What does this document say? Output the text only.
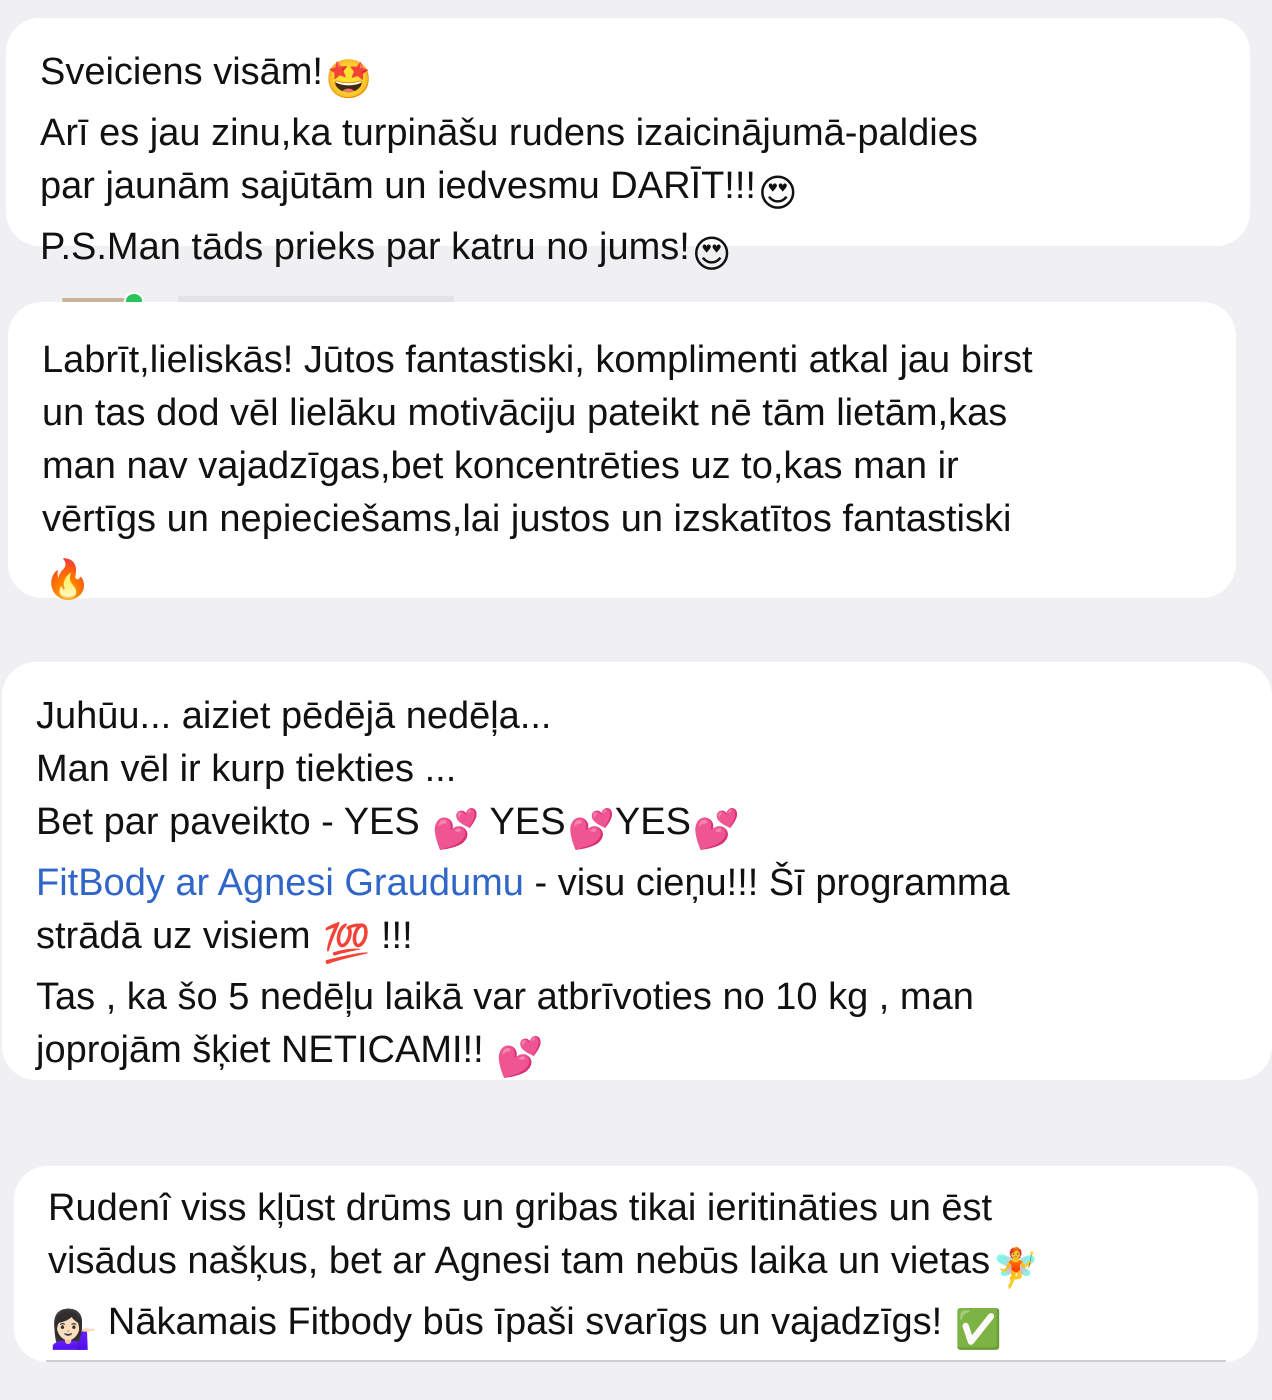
Sveiciens visām!🤩
Arī es jau zinu,ka turpināšu rudens izaicinājumā-paldies
par jaunām sajūtām un iedvesmu DARĪT!!!😍
P.S.Man tāds prieks par katru no jums!😍
Labrīt,lieliskās! Jūtos fantastiski, komplimenti atkal jau birst
un tas dod vēl lielāku motivāciju pateikt nē tām lietām,kas
man nav vajadzīgas,bet koncentrēties uz to,kas man ir
vērtīgs un nepieciešams,lai justos un izskatītos fantastiski
🔥
Juhūu... aiziet pēdējā nedēļa...
Man vēl ir kurp tiekties ...
Bet par paveikto - YES 💕 YES💕YES💕
FitBody ar Agnesi Graudumu - visu cieņu!!! Šī programma
strādā uz visiem 💯 !!!
Tas , ka šo 5 nedēļu laikā var atbrīvoties no 10 kg , man
joprojām šķiet NETICAMI!! 💕
Rudenî viss kļūst drūms un gribas tikai ieritināties un ēst
visādus našķus, bet ar Agnesi tam nebūs laika un vietas🧚
💁🏻‍♀️ Nākamais Fitbody būs īpaši svarīgs un vajadzīgs! ✅
